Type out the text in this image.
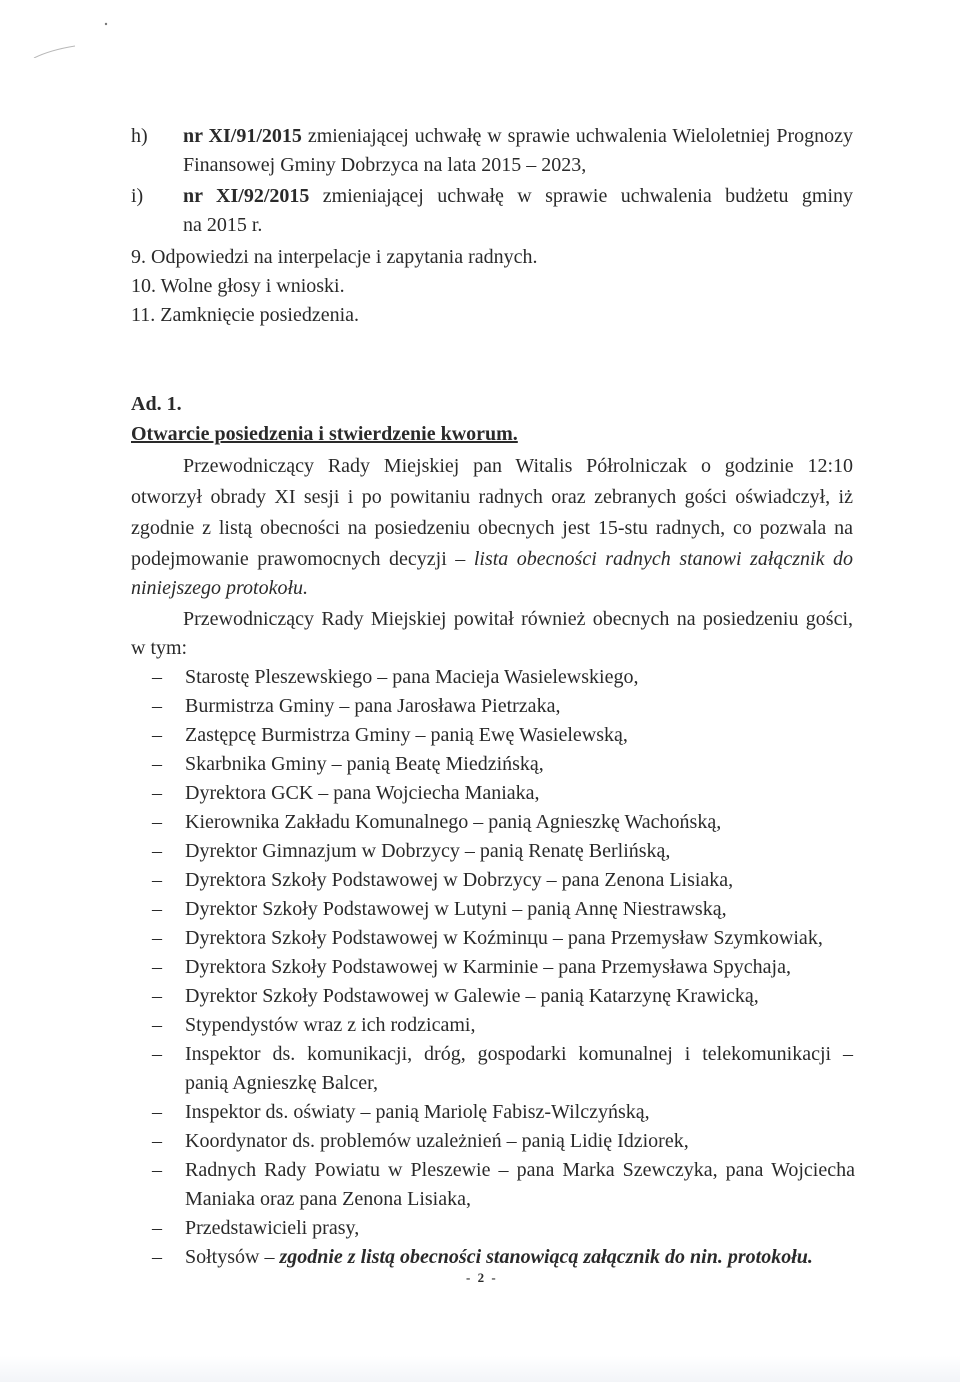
h) nr XI/91/2015 zmieniającej uchwałę w sprawie uchwalenia Wieloletniej Prognozy
Finansowej Gminy Dobrzyca na lata 2015 – 2023,
i) nr XI/92/2015 zmieniającej uchwałę w sprawie uchwalenia budżetu gminy
na 2015 r.
9. Odpowiedzi na interpelacje i zapytania radnych.
10. Wolne głosy i wnioski.
11. Zamknięcie posiedzenia.
Ad. 1.
Otwarcie posiedzenia i stwierdzenie kworum.
Przewodniczący Rady Miejskiej pan Witalis Półrolniczak o godzinie 12:10
otworzył obrady XI sesji i po powitaniu radnych oraz zebranych gości oświadczył, iż
zgodnie z listą obecności na posiedzeniu obecnych jest 15-stu radnych, co pozwala na
podejmowanie prawomocnych decyzji – lista obecności radnych stanowi załącznik do
niniejszego protokołu.
Przewodniczący Rady Miejskiej powitał również obecnych na posiedzeniu gości,
w tym:
– Starostę Pleszewskiego – pana Macieja Wasielewskiego,
– Burmistrza Gminy – pana Jarosława Pietrzaka,
– Zastępcę Burmistrza Gminy – panią Ewę Wasielewską,
– Skarbnika Gminy – panią Beatę Miedzińską,
– Dyrektora GCK – pana Wojciecha Maniaka,
– Kierownika Zakładu Komunalnego – panią Agnieszkę Wachońską,
– Dyrektor Gimnazjum w Dobrzycy – panią Renatę Berlińską,
– Dyrektora Szkoły Podstawowej w Dobrzycy – pana Zenona Lisiaka,
– Dyrektor Szkoły Podstawowej w Lutyni – panią Annę Niestrawską,
– Dyrektora Szkoły Podstawowej w Koźminцu – pana Przemysław Szymkowiak,
– Dyrektora Szkoły Podstawowej w Karminie – pana Przemysława Spychaja,
– Dyrektor Szkoły Podstawowej w Galewie – panią Katarzynę Krawicką,
– Stypendystów wraz z ich rodzicami,
– Inspektor ds. komunikacji, dróg, gospodarki komunalnej i telekomunikacji –
panią Agnieszkę Balcer,
– Inspektor ds. oświaty – panią Mariolę Fabisz-Wilczyńską,
– Koordynator ds. problemów uzależnień – panią Lidię Idziorek,
– Radnych Rady Powiatu w Pleszewie – pana Marka Szewczyka, pana Wojciecha
Maniaka oraz pana Zenona Lisiaka,
– Przedstawicieli prasy,
– Sołtysów – zgodnie z listą obecności stanowiącą załącznik do nin. protokołu.
- 2 -
